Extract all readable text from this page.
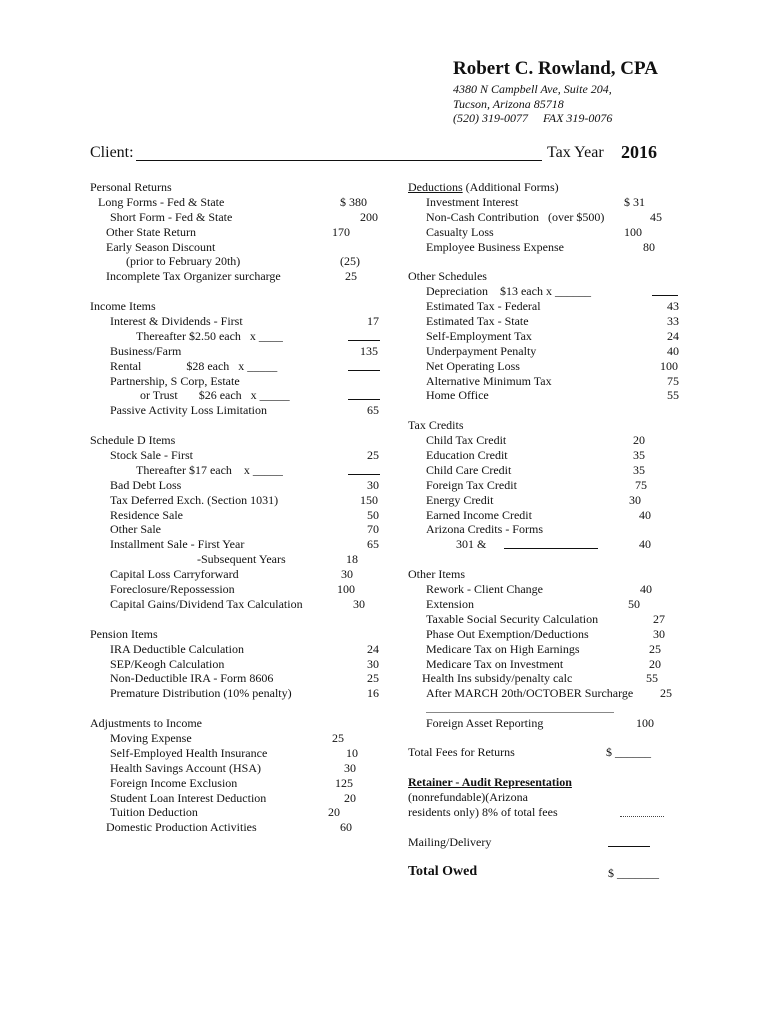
Robert C. Rowland, CPA
4380 N Campbell Ave, Suite 204,
Tucson, Arizona 85718
(520) 319-0077     FAX 319-0076
Client:	Tax Year 2016
Personal Returns
Long Forms - Fed & State	$ 380
Short Form - Fed & State	200
Other State Return	170
Early Season Discount
(prior to February 20th)	(25)
Incomplete Tax Organizer surcharge	25
Income Items
Interest & Dividends - First	17
Thereafter $2.50 each   x ____
Business/Farm	135
Rental               $28 each   x _____
Partnership, S Corp, Estate
or Trust       $26 each   x _____
Passive Activity Loss Limitation	65
Schedule D Items
Stock Sale - First	25
Thereafter $17 each    x _____
Bad Debt Loss	30
Tax Deferred Exch. (Section 1031)	150
Residence Sale	50
Other Sale	70
Installment Sale - First Year	65
-Subsequent Years	18
Capital Loss Carryforward	30
Foreclosure/Repossession	100
Capital Gains/Dividend Tax Calculation	30
Pension Items
IRA Deductible Calculation	24
SEP/Keogh Calculation	30
Non-Deductible IRA - Form 8606	25
Premature Distribution (10% penalty)	16
Adjustments to Income
Moving Expense	25
Self-Employed Health Insurance	10
Health Savings Account (HSA)	30
Foreign Income Exclusion	125
Student Loan Interest Deduction	20
Tuition Deduction	20
Domestic Production Activities	60
Deductions (Additional Forms)
Investment Interest	$ 31
Non-Cash Contribution   (over $500)	45
Casualty Loss	100
Employee Business Expense	80
Other Schedules
Depreciation    $13 each x ______
Estimated Tax - Federal	43
Estimated Tax - State	33
Self-Employment Tax	24
Underpayment Penalty	40
Net Operating Loss	100
Alternative Minimum Tax	75
Home Office	55
Tax Credits
Child Tax Credit	20
Education Credit	35
Child Care Credit	35
Foreign Tax Credit	75
Energy Credit	30
Earned Income Credit	40
Arizona Credits - Forms
301 &	40
Other Items
Rework - Client Change	40
Extension	50
Taxable Social Security Calculation	27
Phase Out Exemption/Deductions	30
Medicare Tax on High Earnings	25
Medicare Tax on Investment	20
Health Ins subsidy/penalty calc	55
After MARCH 20th/OCTOBER Surcharge 25
Foreign Asset Reporting	100
Total Fees for Returns	$ ______
Retainer - Audit Representation
(nonrefundable)(Arizona
residents only) 8% of total fees
Mailing/Delivery
Total Owed	$ _______
